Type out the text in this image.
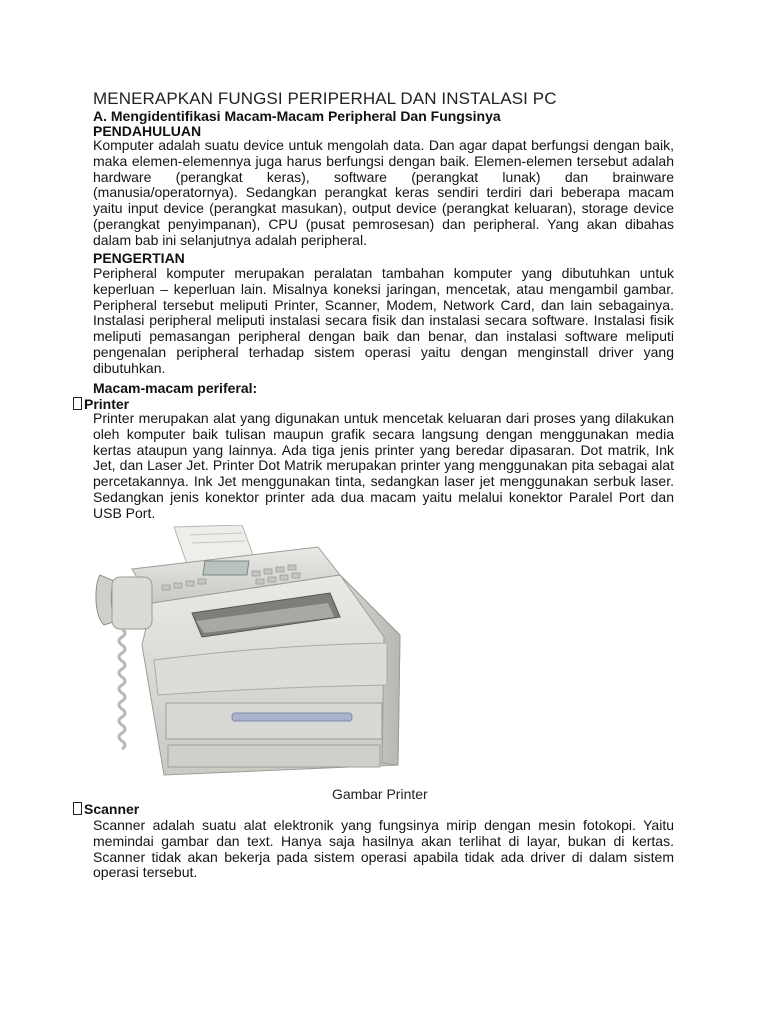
MENERAPKAN FUNGSI PERIPERHAL DAN INSTALASI PC
A. Mengidentifikasi Macam-Macam Peripheral Dan Fungsinya
PENDAHULUAN
Komputer adalah suatu device untuk mengolah data. Dan agar dapat berfungsi dengan baik, maka elemen-elemennya juga harus berfungsi dengan baik. Elemen-elemen tersebut adalah hardware (perangkat keras), software (perangkat lunak) dan brainware (manusia/operatornya). Sedangkan perangkat keras sendiri terdiri dari beberapa macam yaitu input device (perangkat masukan), output device (perangkat keluaran), storage device (perangkat penyimpanan), CPU (pusat pemrosesan) dan peripheral. Yang akan dibahas dalam bab ini selanjutnya adalah peripheral.
PENGERTIAN
Peripheral komputer merupakan peralatan tambahan komputer yang dibutuhkan untuk keperluan – keperluan lain. Misalnya koneksi jaringan, mencetak, atau mengambil gambar. Peripheral tersebut meliputi Printer, Scanner, Modem, Network Card, dan lain sebagainya. Instalasi peripheral meliputi instalasi secara fisik dan instalasi secara software. Instalasi fisik meliputi pemasangan peripheral dengan baik dan benar, dan instalasi software meliputi pengenalan peripheral terhadap sistem operasi yaitu dengan menginstall driver yang dibutuhkan.
Macam-macam periferal:
Printer
Printer merupakan alat yang digunakan untuk mencetak keluaran dari proses yang dilakukan oleh komputer baik tulisan maupun grafik secara langsung dengan menggunakan media kertas ataupun yang lainnya. Ada tiga jenis printer yang beredar dipasaran. Dot matrik, Ink Jet, dan Laser Jet. Printer Dot Matrik merupakan printer yang menggunakan pita sebagai alat percetakannya. Ink Jet menggunakan tinta, sedangkan laser jet menggunakan serbuk laser. Sedangkan jenis konektor printer ada dua macam yaitu melalui konektor Paralel Port dan USB Port.
Gambar Printer
Scanner
Scanner adalah suatu alat elektronik yang fungsinya mirip dengan mesin fotokopi. Yaitu memindai gambar dan text. Hanya saja hasilnya akan terlihat di layar, bukan di kertas. Scanner tidak akan bekerja pada sistem operasi apabila tidak ada driver di dalam sistem operasi tersebut.
